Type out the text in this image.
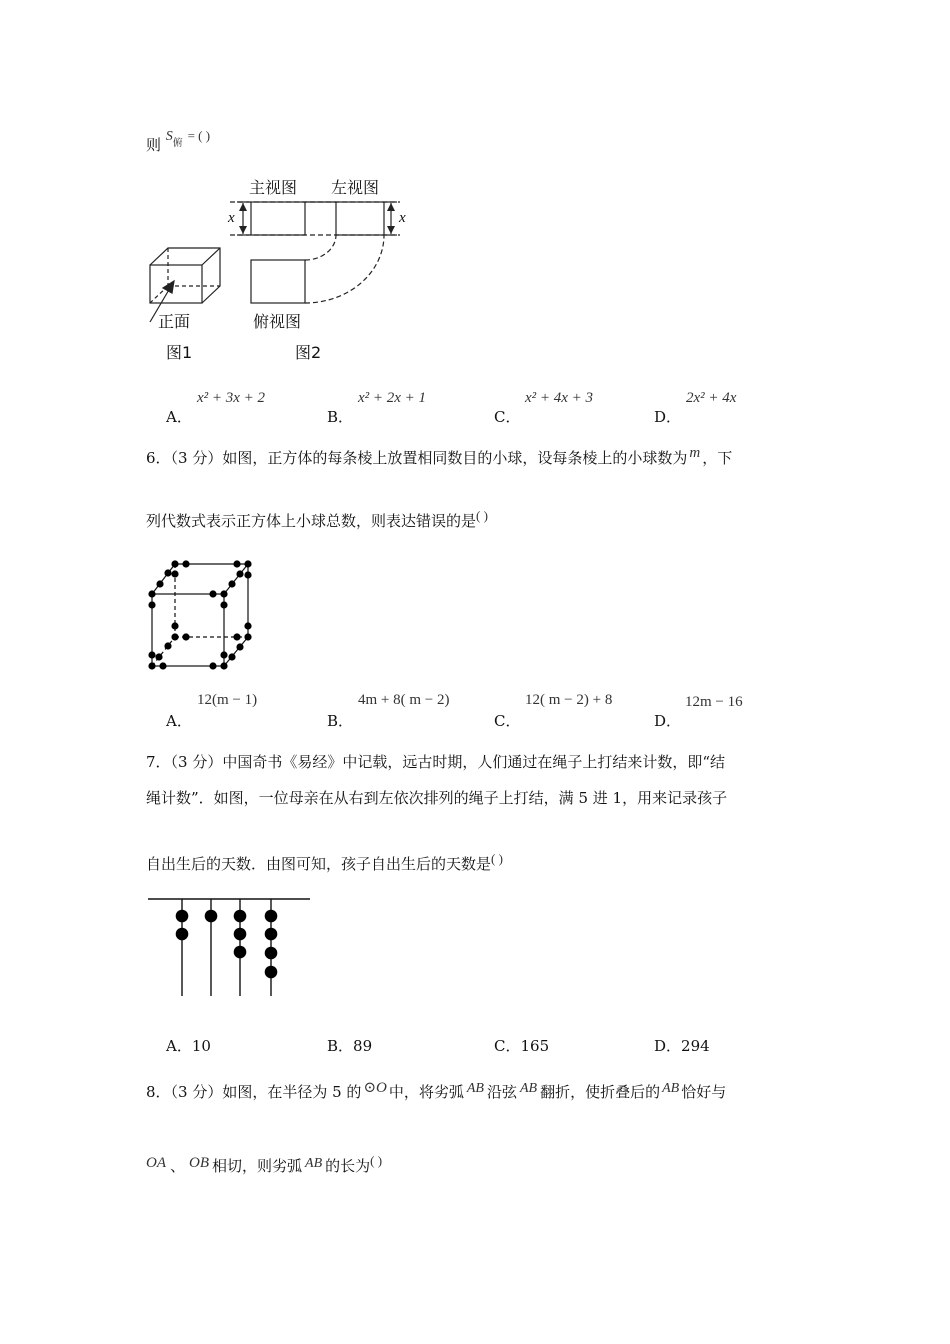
则 S俯 = ( )
正面
图1
主视图 左视图
x	x
俯视图
图2
A．
x² + 3x + 2
B．
x² + 2x + 1
C．
x² + 4x + 3
D．
2x² + 4x
6．（3 分）如图，正方体的每条棱上放置相同数目的小球，设每条棱上的小球数为 m ，下
列代数式表示正方体上小球总数，则表达错误的是( )
A．
12(m − 1)
B．
4m + 8( m − 2)
C．
12( m − 2) + 8
D．
12m − 16
7．（3 分）中国奇书《易经》中记载，远古时期，人们通过在绳子上打结来计数，即“结
绳计数”．如图，一位母亲在从右到左依次排列的绳子上打结，满 5 进 1，用来记录孩子
自出生后的天数．由图可知，孩子自出生后的天数是( )
A．10	B．89	C．165	D．294
8．（3 分）如图，在半径为 5 的 ⊙O 中，将劣弧 AB 沿弦 AB 翻折，使折叠后的 AB 恰好与
OA 、 OB 相切，则劣弧 AB 的长为( )
